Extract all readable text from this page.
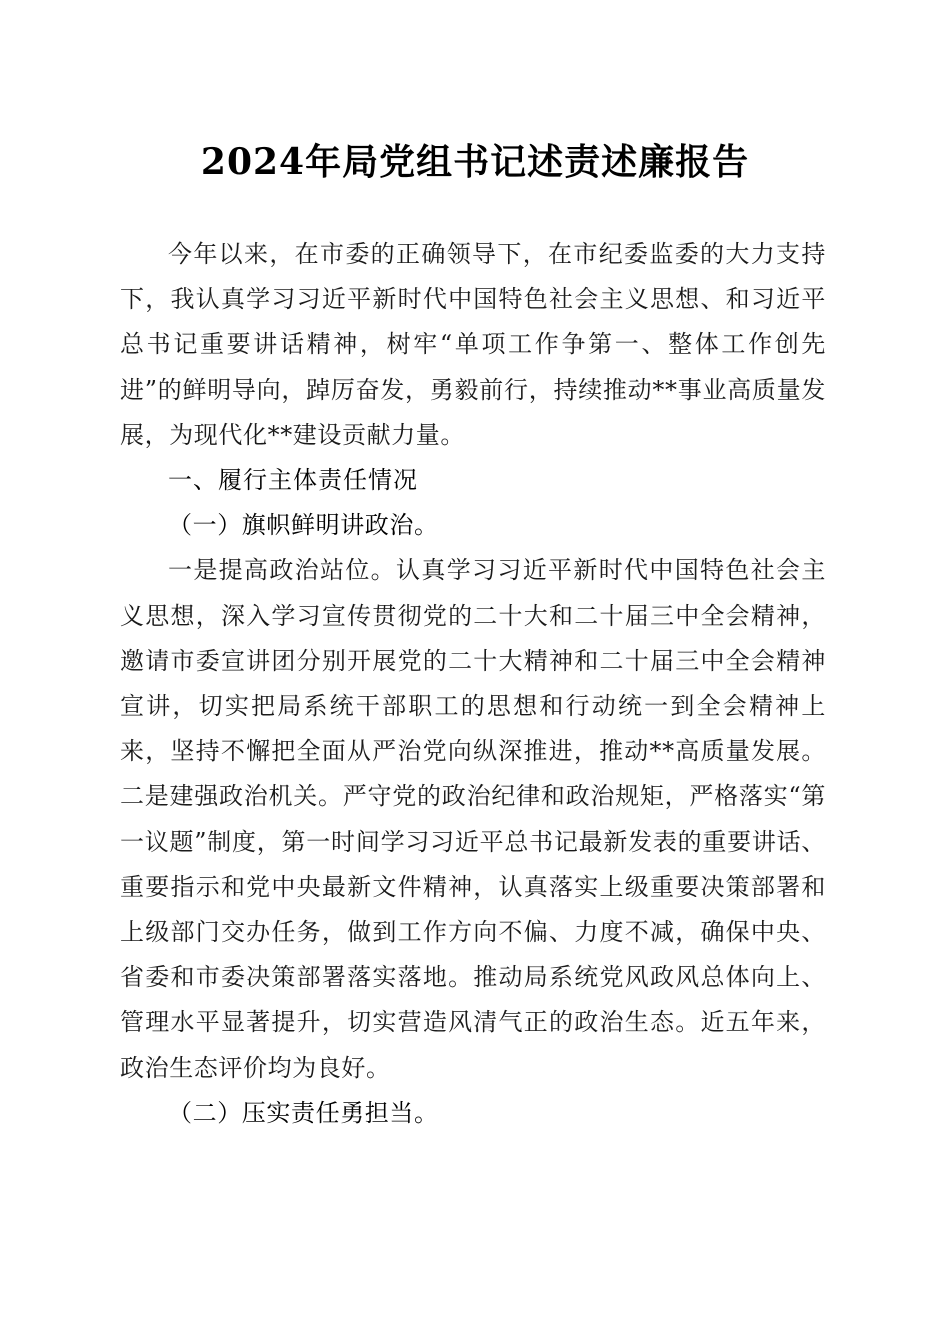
2024年局党组书记述责述廉报告

今年以来，在市委的正确领导下，在市纪委监委的大力支持下，我认真学习习近平新时代中国特色社会主义思想、和习近平总书记重要讲话精神，树牢“单项工作争第一、整体工作创先进”的鲜明导向，踔厉奋发，勇毅前行，持续推动**事业高质量发展，为现代化**建设贡献力量。

一、履行主体责任情况

（一）旗帜鲜明讲政治。

一是提高政治站位。认真学习习近平新时代中国特色社会主义思想，深入学习宣传贯彻党的二十大和二十届三中全会精神，邀请市委宣讲团分别开展党的二十大精神和二十届三中全会精神宣讲，切实把局系统干部职工的思想和行动统一到全会精神上来，坚持不懈把全面从严治党向纵深推进，推动**高质量发展。二是建强政治机关。严守党的政治纪律和政治规矩，严格落实“第一议题”制度，第一时间学习习近平总书记最新发表的重要讲话、重要指示和党中央最新文件精神，认真落实上级重要决策部署和上级部门交办任务，做到工作方向不偏、力度不减，确保中央、省委和市委决策部署落实落地。推动局系统党风政风总体向上、管理水平显著提升，切实营造风清气正的政治生态。近五年来，政治生态评价均为良好。

（二）压实责任勇担当。
